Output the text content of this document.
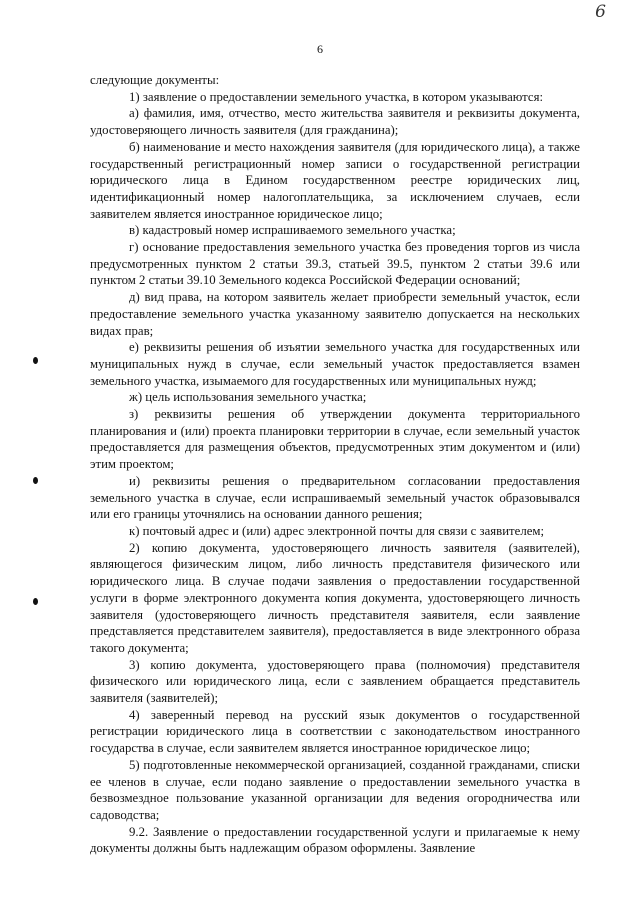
6
6

следующие документы:

1) заявление о предоставлении земельного участка, в котором указываются:

а) фамилия, имя, отчество, место жительства заявителя и реквизиты документа, удостоверяющего личность заявителя (для гражданина);

б) наименование и место нахождения заявителя (для юридического лица), а также государственный регистрационный номер записи о государственной регистрации юридического лица в Едином государственном реестре юридических лиц, идентификационный номер налогоплательщика, за исключением случаев, если заявителем является иностранное юридическое лицо;

в) кадастровый номер испрашиваемого земельного участка;

г) основание предоставления земельного участка без проведения торгов из числа предусмотренных пунктом 2 статьи 39.3, статьей 39.5, пунктом 2 статьи 39.6 или пунктом 2 статьи 39.10 Земельного кодекса Российской Федерации оснований;

д) вид права, на котором заявитель желает приобрести земельный участок, если предоставление земельного участка указанному заявителю допускается на нескольких видах прав;

е) реквизиты решения об изъятии земельного участка для государственных или муниципальных нужд в случае, если земельный участок предоставляется взамен земельного участка, изымаемого для государственных или муниципальных нужд;

ж) цель использования земельного участка;

з) реквизиты решения об утверждении документа территориального планирования и (или) проекта планировки территории в случае, если земельный участок предоставляется для размещения объектов, предусмотренных этим документом и (или) этим проектом;

и) реквизиты решения о предварительном согласовании предоставления земельного участка в случае, если испрашиваемый земельный участок образовывался или его границы уточнялись на основании данного решения;

к) почтовый адрес и (или) адрес электронной почты для связи с заявителем;

2) копию документа, удостоверяющего личность заявителя (заявителей), являющегося физическим лицом, либо личность представителя физического или юридического лица. В случае подачи заявления о предоставлении государственной услуги в форме электронного документа копия документа, удостоверяющего личность заявителя (удостоверяющего личность представителя заявителя, если заявление представляется представителем заявителя), предоставляется в виде электронного образа такого документа;

3) копию документа, удостоверяющего права (полномочия) представителя физического или юридического лица, если с заявлением обращается представитель заявителя (заявителей);

4) заверенный перевод на русский язык документов о государственной регистрации юридического лица в соответствии с законодательством иностранного государства в случае, если заявителем является иностранное юридическое лицо;

5) подготовленные некоммерческой организацией, созданной гражданами, списки ее членов в случае, если подано заявление о предоставлении земельного участка в безвозмездное пользование указанной организации для ведения огородничества или садоводства;

9.2. Заявление о предоставлении государственной услуги и прилагаемые к нему документы должны быть надлежащим образом оформлены. Заявление
